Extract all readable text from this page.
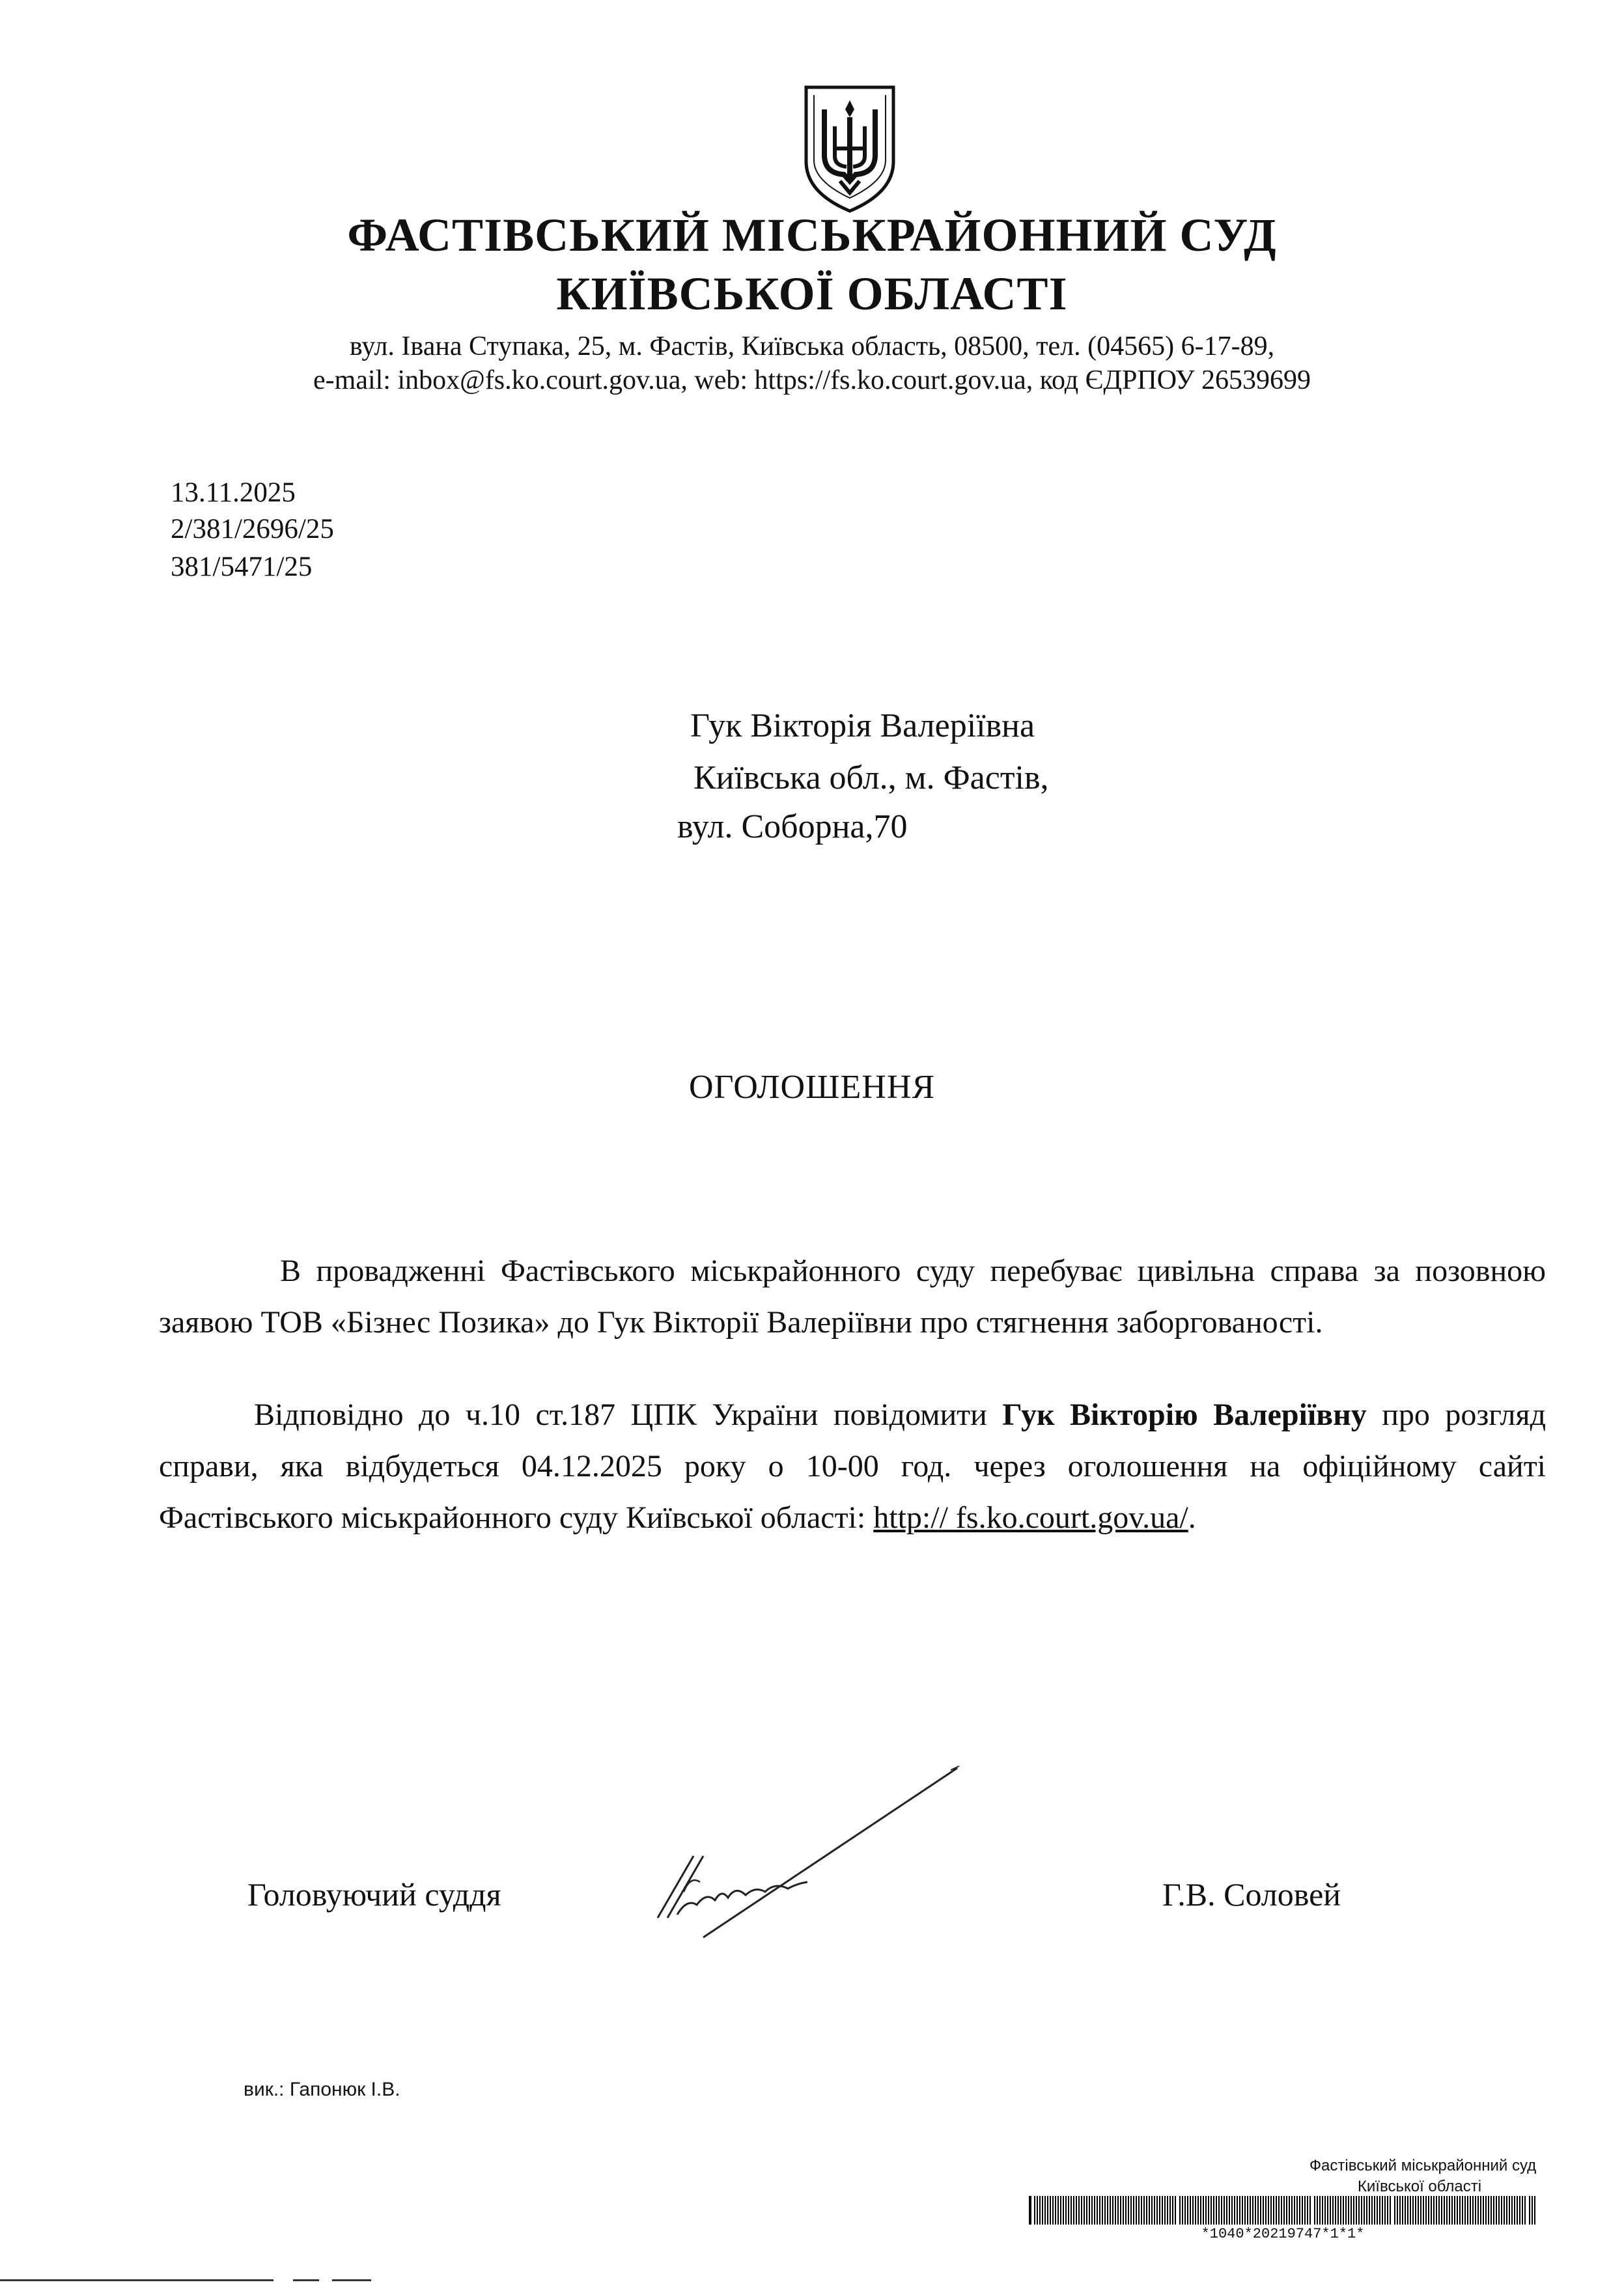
ФАСТІВСЬКИЙ МІСЬКРАЙОННИЙ СУД
КИЇВСЬКОЇ ОБЛАСТІ
вул. Івана Ступака, 25, м. Фастів, Київська область, 08500, тел. (04565) 6-17-89,
e-mail: inbox@fs.ko.court.gov.ua, web: https://fs.ko.court.gov.ua, код ЄДРПОУ 26539699
13.11.2025
2/381/2696/25
381/5471/25
Гук Вікторія Валеріївна
Київська обл., м. Фастів,
вул. Соборна,70
ОГОЛОШЕННЯ
В провадженні Фастівського міськрайонного суду перебуває цивільна справа за позовною заявою ТОВ «Бізнес Позика» до Гук Вікторії Валеріївни про стягнення заборгованості.
Відповідно до ч.10 ст.187 ЦПК України повідомити Гук Вікторію Валеріївну про розгляд справи, яка відбудеться 04.12.2025 року о 10-00 год. через оголошення на офіційному сайті Фастівського міськрайонного суду Київської області: http:// fs.ko.court.gov.ua/.
Головуючий суддя	Г.В. Соловей
вик.: Гапонюк І.В.
Фастівський міськрайонний суд
Київської області
*1040*20219747*1*1*
